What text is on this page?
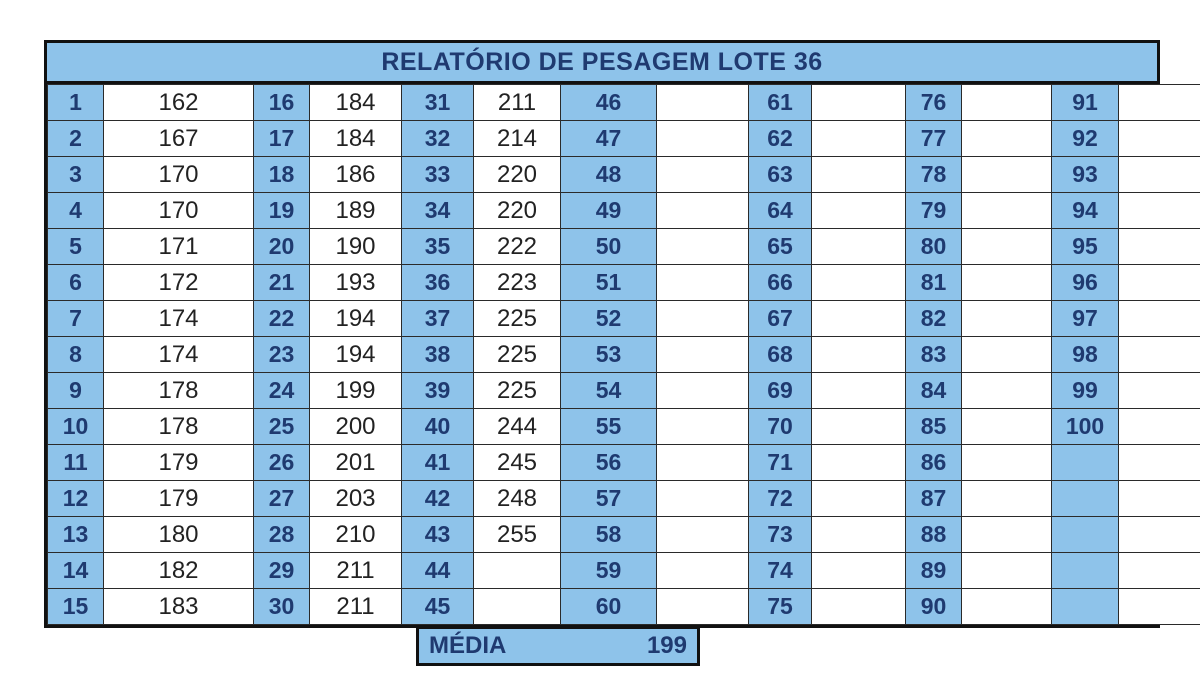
RELATÓRIO DE PESAGEM LOTE 36
1	162	16	184	31	211	46		61		76		91	
2	167	17	184	32	214	47		62		77		92	
3	170	18	186	33	220	48		63		78		93	
4	170	19	189	34	220	49		64		79		94	
5	171	20	190	35	222	50		65		80		95	
6	172	21	193	36	223	51		66		81		96	
7	174	22	194	37	225	52		67		82		97	
8	174	23	194	38	225	53		68		83		98	
9	178	24	199	39	225	54		69		84		99	
10	178	25	200	40	244	55		70		85		100	
11	179	26	201	41	245	56		71		86			
12	179	27	203	42	248	57		72		87			
13	180	28	210	43	255	58		73		88			
14	182	29	211	44		59		74		89			
15	183	30	211	45		60		75		90			
MÉDIA	199
